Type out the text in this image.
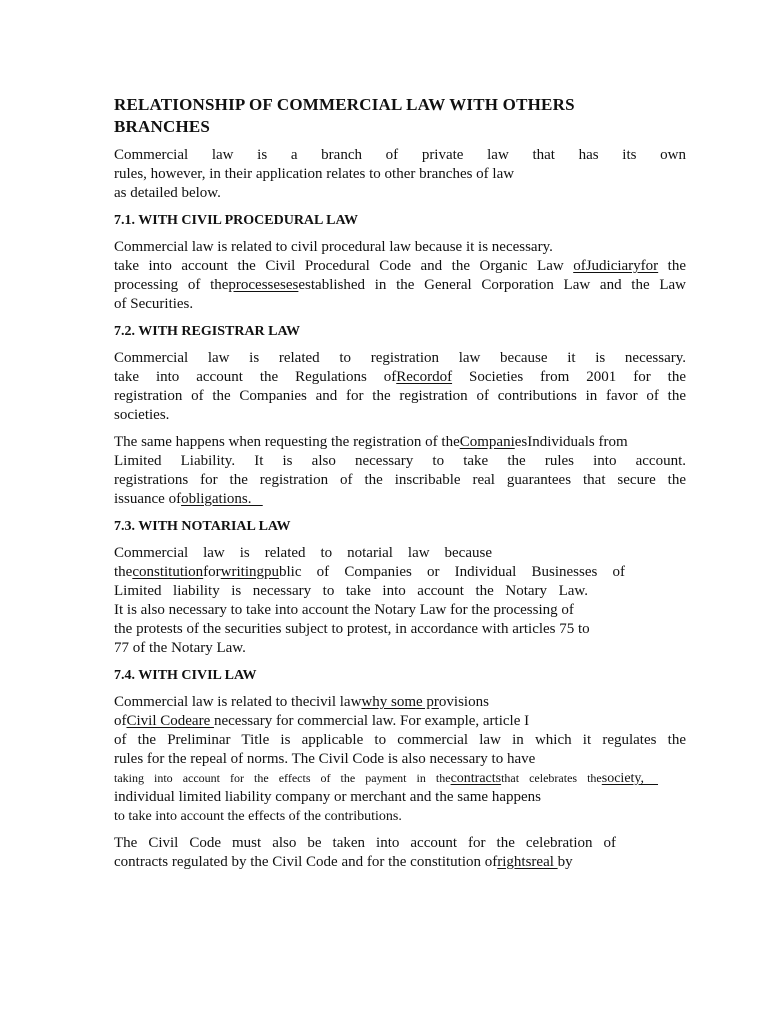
RELATIONSHIP OF COMMERCIAL LAW WITH OTHERS
BRANCHES
Commercial law is a branch of private law that has its own
rules, however, in their application relates to other branches of law
as detailed below.
7.1. WITH CIVIL PROCEDURAL LAW
Commercial law is related to civil procedural law because it is necessary.
take into account the Civil Procedural Code and the Organic Law ofJudiciaryfor the
processing of theprocessesesestablished in the General Corporation Law and the Law
of Securities.
7.2. WITH REGISTRAR LAW
Commercial law is related to registration law because it is necessary.
take into account the Regulations ofRecordof Societies from 2001 for the
registration of the Companies and for the registration of contributions in favor of the
societies.
The same happens when requesting the registration of theCompaniesIndividuals from
Limited Liability. It is also necessary to take the rules into account.
registrations for the registration of the inscribable real guarantees that secure the
issuance ofobligations.
7.3. WITH NOTARIAL LAW
Commercial law is related to notarial law because
theconstitutionforwritingpublic of Companies or Individual Businesses of
Limited liability is necessary to take into account the Notary Law.
It is also necessary to take into account the Notary Law for the processing of
the protests of the securities subject to protest, in accordance with articles 75 to
77 of the Notary Law.
7.4. WITH CIVIL LAW
Commercial law is related to thecivil lawwhy some provisions
ofCivil Codeare necessary for commercial law. For example, article I
of the Preliminar Title is applicable to commercial law in which it regulates the
rules for the repeal of norms. The Civil Code is also necessary to have
taking into account for the effects of the payment in thecontractsthat celebrates thesociety,
individual limited liability company or merchant and the same happens
to take into account the effects of the contributions.
The Civil Code must also be taken into account for the celebration of
contracts regulated by the Civil Code and for the constitution ofrightsreal by
